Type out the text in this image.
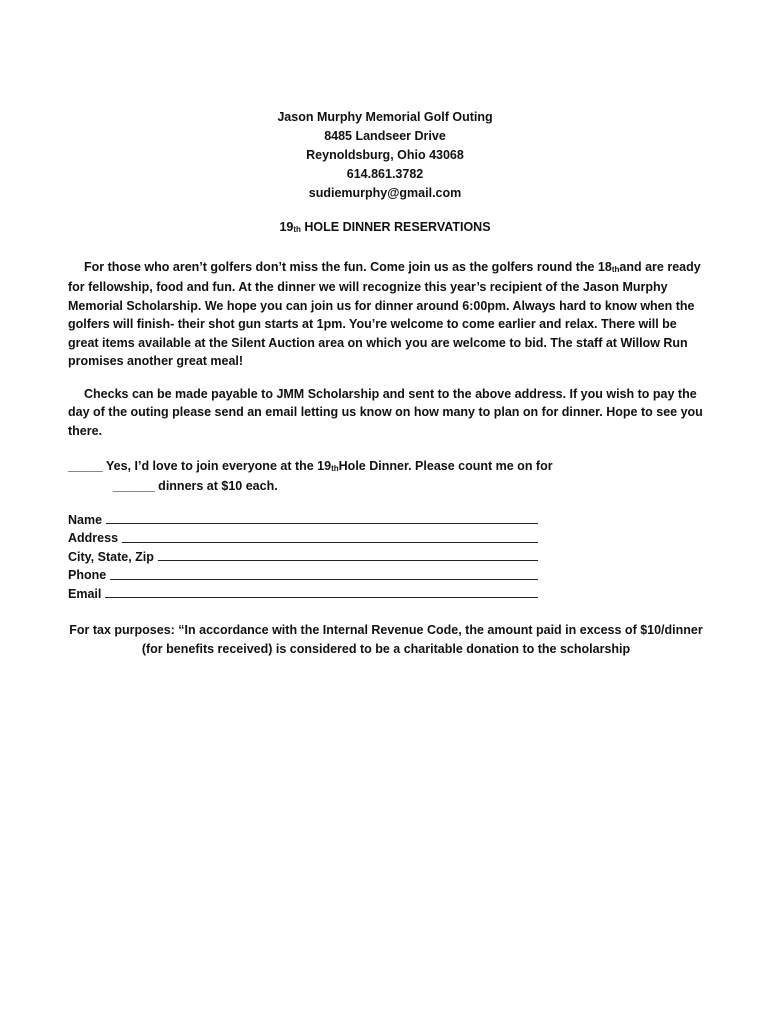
Jason Murphy Memorial Golf Outing
8485 Landseer Drive
Reynoldsburg, Ohio 43068
614.861.3782
sudiemurphy@gmail.com
19th HOLE DINNER RESERVATIONS

For those who aren’t golfers don’t miss the fun. Come join us as the golfers round the 18thand are ready for fellowship, food and fun. At the dinner we will recognize this year’s recipient of the Jason Murphy Memorial Scholarship. We hope you can join us for dinner around 6:00pm. Always hard to know when the golfers will finish- their shot gun starts at 1pm. You’re welcome to come earlier and relax. There will be great items available at the Silent Auction area on which you are welcome to bid. The staff at Willow Run promises another great meal!

Checks can be made payable to JMM Scholarship and sent to the above address. If you wish to pay the day of the outing please send an email letting us know on how many to plan on for dinner. Hope to see you there.

_____ Yes, I’d love to join everyone at the 19thHole Dinner. Please count me on for
______ dinners at $10 each.
Name
Address
City, State, Zip
Phone
Email
For tax purposes: “In accordance with the Internal Revenue Code, the amount paid in excess of $10/dinner (for benefits received) is considered to be a charitable donation to the scholarship
